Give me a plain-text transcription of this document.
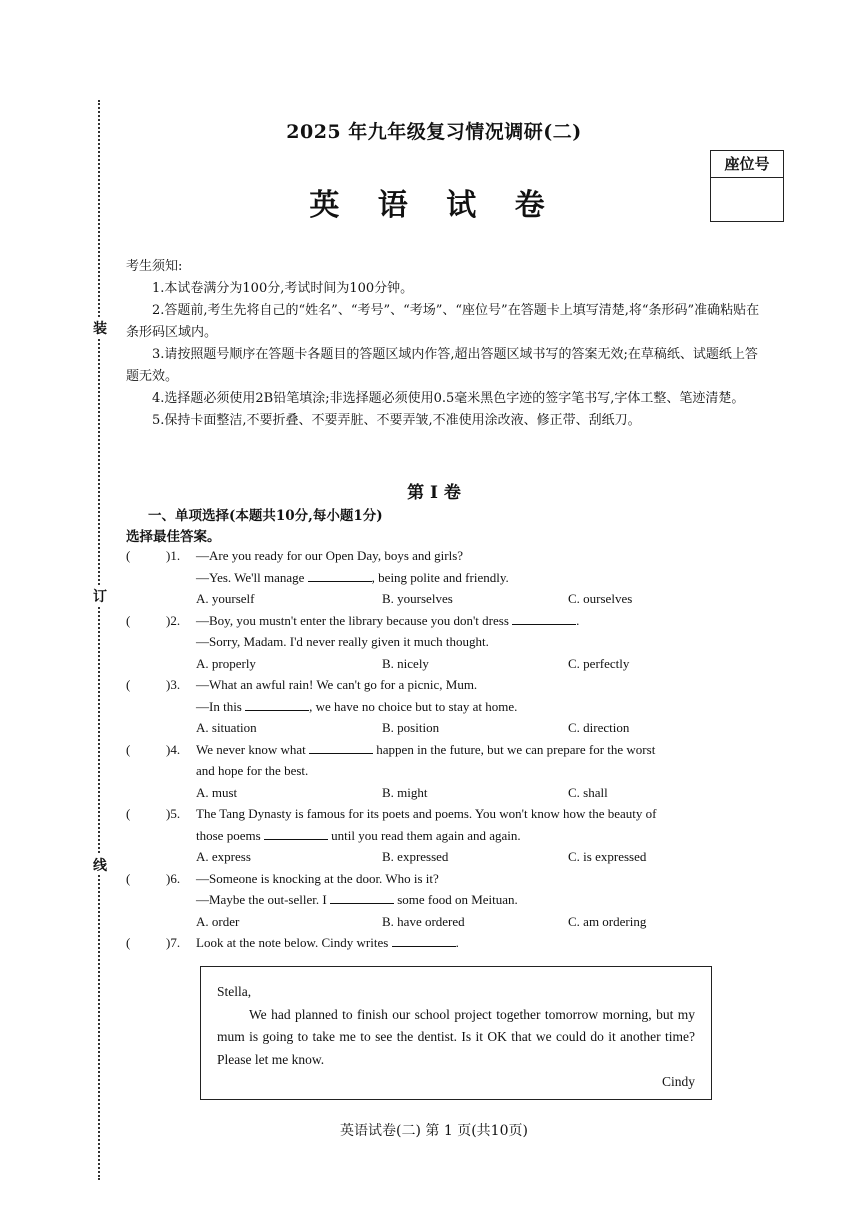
装
订
线
2025 年九年级复习情况调研(二)
英 语 试 卷
座位号

考生须知:

1.本试卷满分为100分,考试时间为100分钟。

2.答题前,考生先将自己的“姓名”、“考号”、“考场”、“座位号”在答题卡上填写清楚,将“条形码”准确粘贴在条形码区域内。

3.请按照题号顺序在答题卡各题目的答题区域内作答,超出答题区域书写的答案无效;在草稿纸、试题纸上答题无效。

4.选择题必须使用2B铅笔填涂;非选择题必须使用0.5毫米黑色字迹的签字笔书写,字体工整、笔迹清楚。

5.保持卡面整洁,不要折叠、不要弄脏、不要弄皱,不准使用涂改液、修正带、刮纸刀。

第 I 卷
一、单项选择(本题共10分,每小题1分)
选择最佳答案。
(	)1.	—Are you ready for our Open Day, boys and girls?
—Yes. We'll manage	, being polite and friendly.
A. yourself	B. yourselves	C. ourselves
(	)2.	—Boy, you mustn't enter the library because you don't dress	.
—Sorry, Madam. I'd never really given it much thought.
A. properly	B. nicely	C. perfectly
(	)3.	—What an awful rain! We can't go for a picnic, Mum.
—In this	, we have no choice but to stay at home.
A. situation	B. position	C. direction
(	)4.	We never know what	happen in the future, but we can prepare for the worst
and hope for the best.
A. must	B. might	C. shall
(	)5.	The Tang Dynasty is famous for its poets and poems. You won't know how the beauty of
those poems	until you read them again and again.
A. express	B. expressed	C. is expressed
(	)6.	—Someone is knocking at the door. Who is it?
—Maybe the out-seller. I	some food on Meituan.
A. order	B. have ordered	C. am ordering
(	)7.	Look at the note below. Cindy writes	.
Stella,
We had planned to finish our school project together tomorrow morning, but my mum is going to take me to see the dentist. Is it OK that we could do it another time? Please let me know.
Cindy
英语试卷(二) 第 1 页(共10页)
